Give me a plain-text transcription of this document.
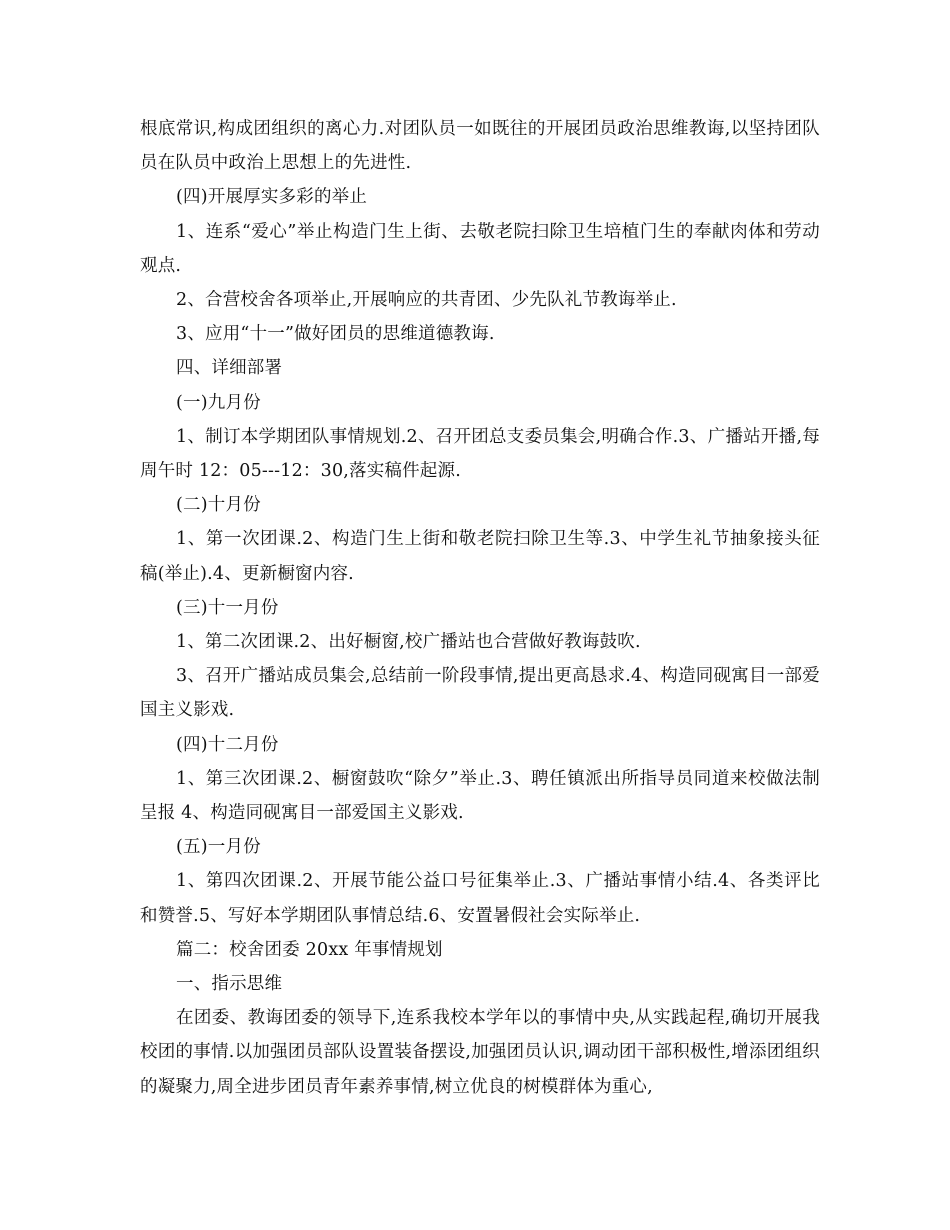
根底常识,构成团组织的离心力.对团队员一如既往的开展团员政治思维教诲,以坚持团队员在队员中政治上思想上的先进性.

(四)开展厚实多彩的举止

1、连系“爱心”举止构造门生上街、去敬老院扫除卫生培植门生的奉献肉体和劳动观点.

2、合营校舍各项举止,开展响应的共青团、少先队礼节教诲举止.

3、应用“十一”做好团员的思维道德教诲.

四、详细部署

(一)九月份

1、制订本学期团队事情规划.2、召开团总支委员集会,明确合作.3、广播站开播,每周午时 12：05---12：30,落实稿件起源.

(二)十月份

1、第一次团课.2、构造门生上街和敬老院扫除卫生等.3、中学生礼节抽象接头征稿(举止).4、更新橱窗内容.

(三)十一月份

1、第二次团课.2、出好橱窗,校广播站也合营做好教诲鼓吹.

3、召开广播站成员集会,总结前一阶段事情,提出更高恳求.4、构造同砚寓目一部爱国主义影戏.

(四)十二月份

1、第三次团课.2、橱窗鼓吹“除夕”举止.3、聘任镇派出所指导员同道来校做法制呈报 4、构造同砚寓目一部爱国主义影戏.

(五)一月份

1、第四次团课.2、开展节能公益口号征集举止.3、广播站事情小结.4、各类评比和赞誉.5、写好本学期团队事情总结.6、安置暑假社会实际举止.

篇二：校舍团委 20xx 年事情规划

一、指示思维

在团委、教诲团委的领导下,连系我校本学年以的事情中央,从实践起程,确切开展我校团的事情.以加强团员部队设置装备摆设,加强团员认识,调动团干部积极性,增添团组织的凝聚力,周全进步团员青年素养事情,树立优良的树模群体为重心,
